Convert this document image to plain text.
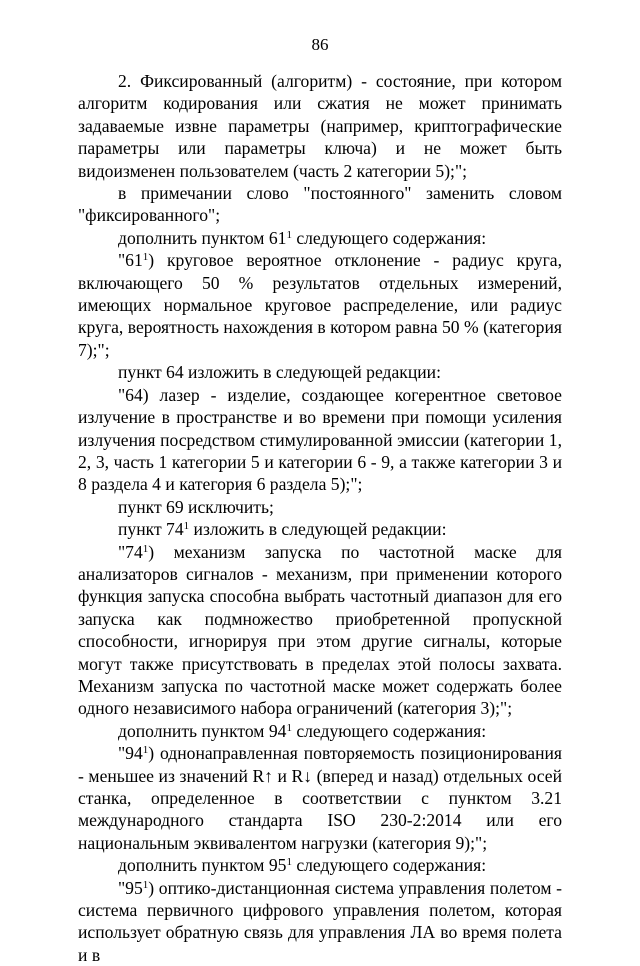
86

2. Фиксированный (алгоритм) - состояние, при котором алгоритм кодирования или сжатия не может принимать задаваемые извне параметры (например, криптографические параметры или параметры ключа) и не может быть видоизменен пользователем (часть 2 категории 5);";

в примечании слово "постоянного" заменить словом "фиксированного";

дополнить пунктом $61^1$ следующего содержания:

"$61^1$) круговое вероятное отклонение - радиус круга, включающего 50 % результатов отдельных измерений, имеющих нормальное круговое распределение, или радиус круга, вероятность нахождения в котором равна 50 % (категория 7);";

пункт 64 изложить в следующей редакции:

"64) лазер - изделие, создающее когерентное световое излучение в пространстве и во времени при помощи усиления излучения посредством стимулированной эмиссии (категории 1, 2, 3, часть 1 категории 5 и категории 6 - 9, а также категории 3 и 8 раздела 4 и категория 6 раздела 5);";

пункт 69 исключить;

пункт $74^1$ изложить в следующей редакции:

"$74^1$) механизм запуска по частотной маске для анализаторов сигналов - механизм, при применении которого функция запуска способна выбрать частотный диапазон для его запуска как подмножество приобретенной пропускной способности, игнорируя при этом другие сигналы, которые могут также присутствовать в пределах этой полосы захвата. Механизм запуска по частотной маске может содержать более одного независимого набора ограничений (категория 3);";

дополнить пунктом $94^1$ следующего содержания:

"$94^1$) однонаправленная повторяемость позиционирования - меньшее из значений R↑ и R↓ (вперед и назад) отдельных осей станка, определенное в соответствии с пунктом 3.21 международного стандарта ISO 230-2:2014 или его национальным эквивалентом нагрузки (категория 9);";

дополнить пунктом $95^1$ следующего содержания:

"$95^1$) оптико-дистанционная система управления полетом - система первичного цифрового управления полетом, которая использует обратную связь для управления ЛА во время полета и в
